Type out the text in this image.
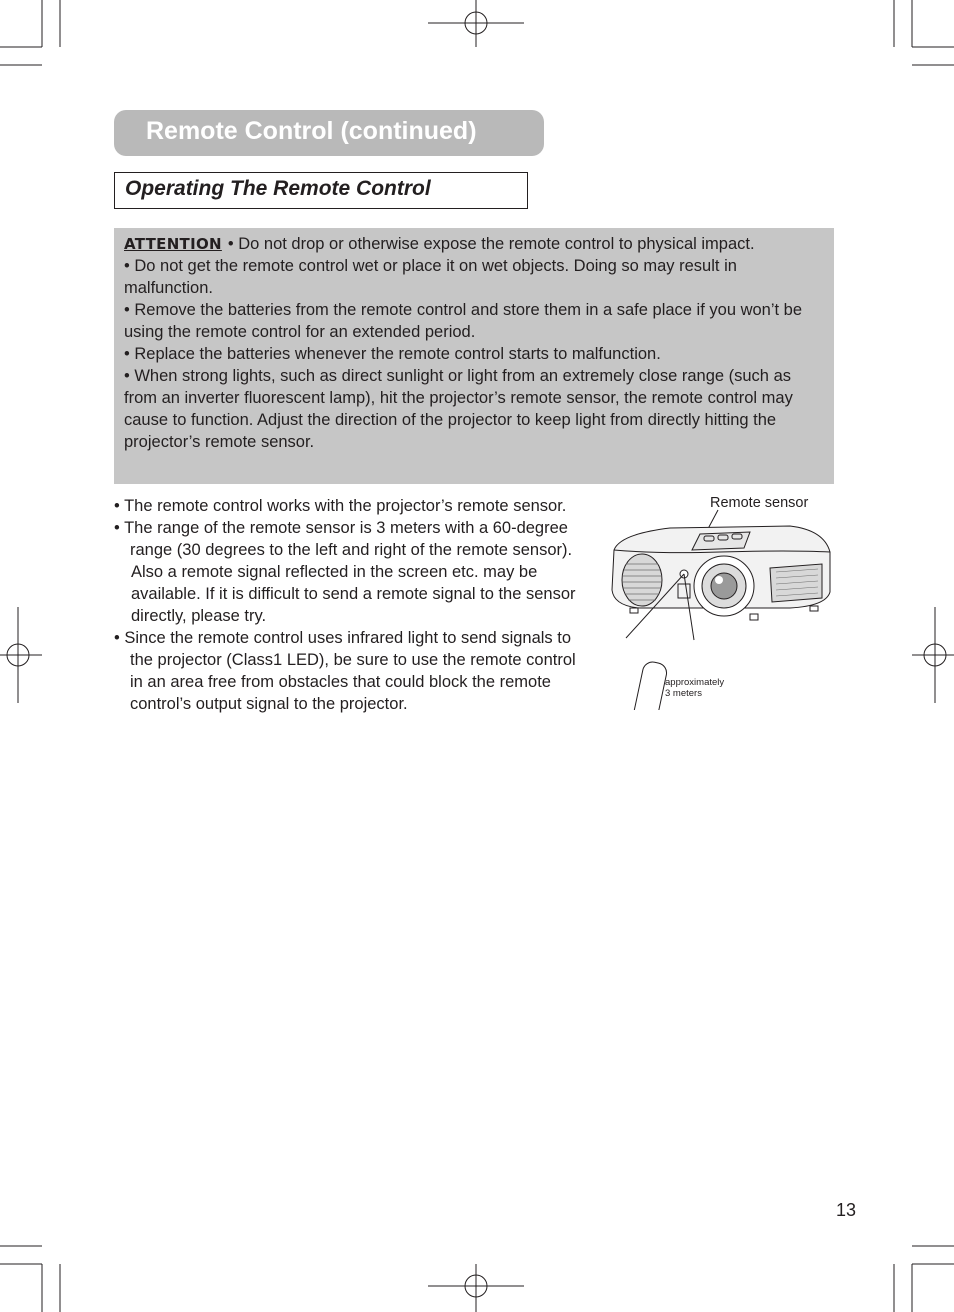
Remote Control (continued)
Operating The Remote Control

ATTENTION • Do not drop or otherwise expose the remote control to physical impact.

• Do not get the remote control wet or place it on wet objects. Doing so may result in malfunction.

• Remove the batteries from the remote control and store them in a safe place if you won’t be using the remote control for an extended period.

• Replace the batteries whenever the remote control starts to malfunction.

• When strong lights, such as direct sunlight or light from an extremely close range (such as from an inverter fluorescent lamp), hit the projector’s remote sensor, the remote control may cause to function. Adjust the direction of the projector to keep light from directly hitting the projector’s remote sensor.

• The remote control works with the projector’s remote sensor.

• The range of the remote sensor is 3 meters with a 60-degree range (30 degrees to the left and right of the remote sensor).

Also a remote signal reflected in the screen etc. may be available. If it is difficult to send a remote signal to the sensor directly, please try.

• Since the remote control uses infrared light to send signals to the projector (Class1 LED), be sure to use the remote control in an area free from obstacles that could block the remote control’s output signal to the projector.

Remote sensor
approximately
3 meters
13
